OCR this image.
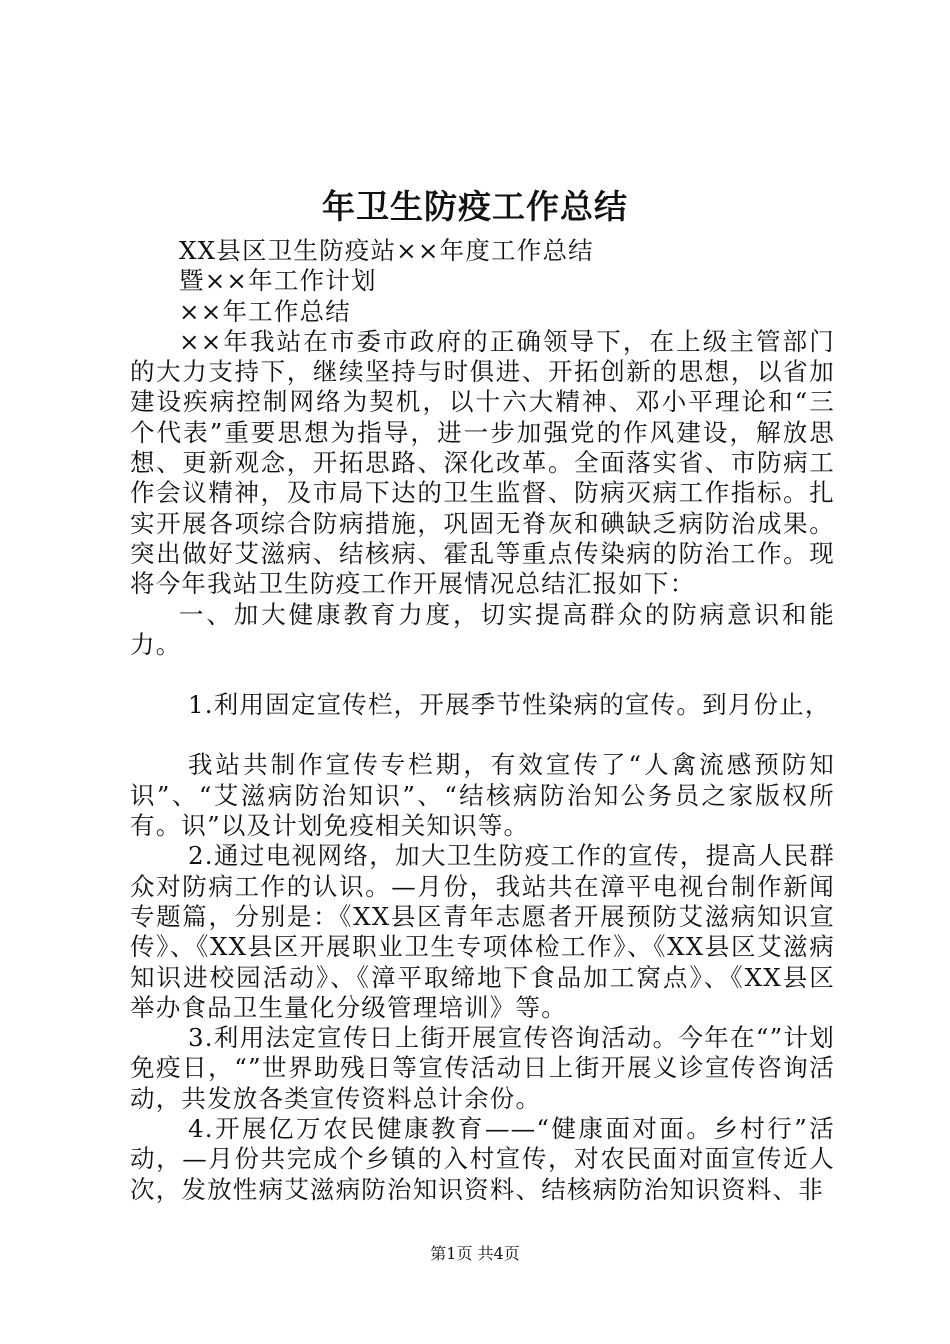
年卫生防疫工作总结

XX县区卫生防疫站××年度工作总结

暨××年工作计划

××年工作总结

××年我站在市委市政府的正确领导下，在上级主管部门的大力支持下，继续坚持与时俱进、开拓创新的思想，以省加建设疾病控制网络为契机，以十六大精神、邓小平理论和“三个代表”重要思想为指导，进一步加强党的作风建设，解放思想、更新观念，开拓思路、深化改革。全面落实省、市防病工作会议精神，及市局下达的卫生监督、防病灭病工作指标。扎实开展各项综合防病措施，巩固无脊灰和碘缺乏病防治成果。突出做好艾滋病、结核病、霍乱等重点传染病的防治工作。现将今年我站卫生防疫工作开展情况总结汇报如下：

一、加大健康教育力度，切实提高群众的防病意识和能力。

1.利用固定宣传栏，开展季节性染病的宣传。到月份止，

我站共制作宣传专栏期，有效宣传了“人禽流感预防知识”、“艾滋病防治知识”、“结核病防治知公务员之家版权所有。识”以及计划免疫相关知识等。

2.通过电视网络，加大卫生防疫工作的宣传，提高人民群众对防病工作的认识。—月份，我站共在漳平电视台制作新闻专题篇，分别是：《XX县区青年志愿者开展预防艾滋病知识宣传》、《XX县区开展职业卫生专项体检工作》、《XX县区艾滋病知识进校园活动》、《漳平取缔地下食品加工窝点》、《XX县区举办食品卫生量化分级管理培训》等。

3.利用法定宣传日上街开展宣传咨询活动。今年在“”计划免疫日，“”世界助残日等宣传活动日上街开展义诊宣传咨询活动，共发放各类宣传资料总计余份。

4.开展亿万农民健康教育——“健康面对面。乡村行”活动，—月份共完成个乡镇的入村宣传，对农民面对面宣传近人次，发放性病艾滋病防治知识资料、结核病防治知识资料、非

第1页 共4页
